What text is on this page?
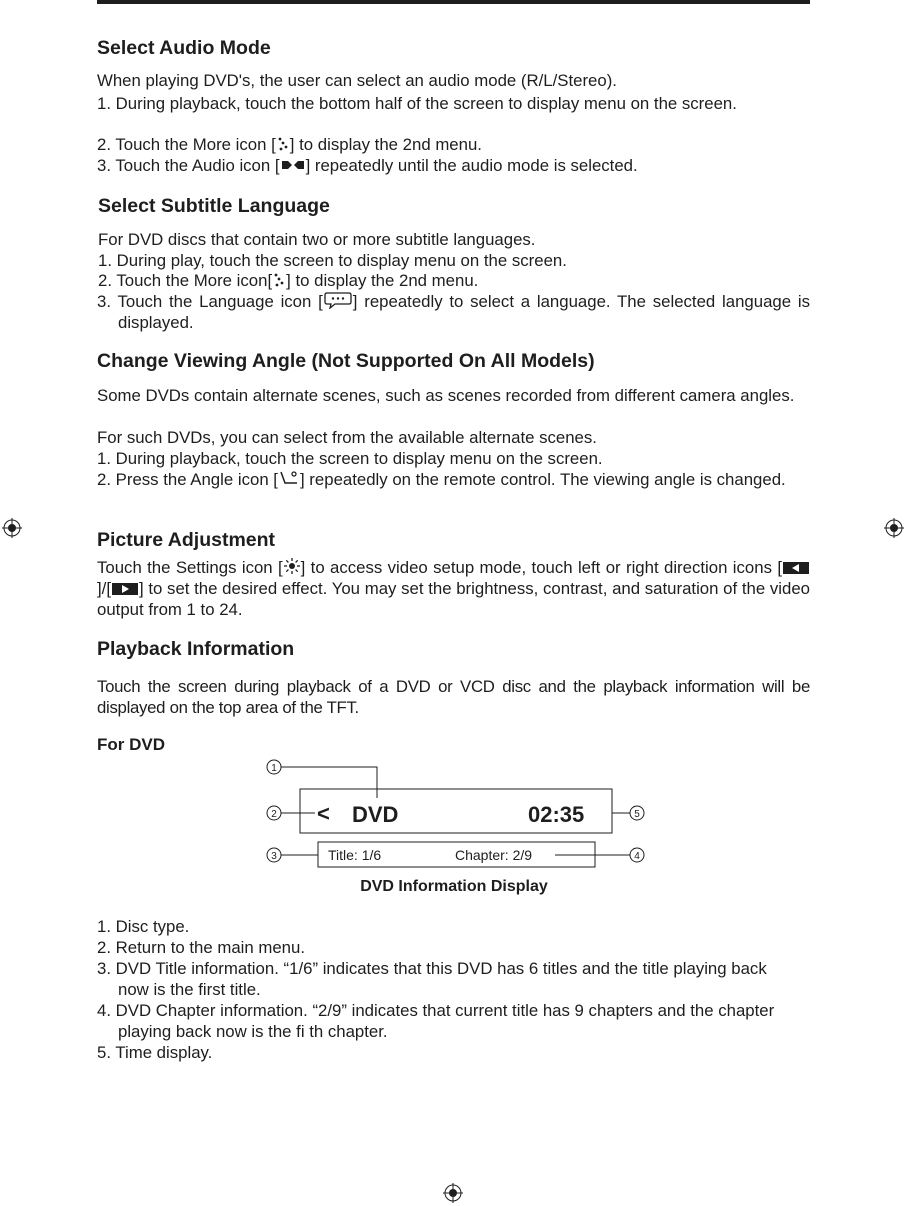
Select Audio Mode

When playing DVD's, the user can select an audio mode (R/L/Stereo).

1. During playback, touch the bottom half of the screen to display menu on the screen.

2. Touch the More icon [ ] to display the 2nd menu.

3. Touch the Audio icon [ ] repeatedly until the audio mode is selected.

Select Subtitle Language

For DVD discs that contain two or more subtitle languages.

1. During play, touch the screen to display menu on the screen.

2. Touch the More icon[ ] to display the 2nd menu.

3. Touch the Language icon [ ] repeatedly to select a language. The selected language is displayed.

Change Viewing Angle (Not Supported On All Models)

Some DVDs contain alternate scenes, such as scenes recorded from different camera angles.

For such DVDs, you can select from the available alternate scenes.

1. During playback, touch the screen to display menu on the screen.

2. Press the Angle icon [ ] repeatedly on the remote control. The viewing angle is changed.

Picture Adjustment

Touch the Settings icon [ ] to access video setup mode, touch left or right direction icons []/[ ] to set the desired effect. You may set the brightness, contrast, and saturation of the video output from 1 to 24.

Playback Information

Touch the screen during playback of a DVD or VCD disc and the playback information will be displayed on the top area of the TFT.

For DVD
1
2
3	4
5
< DVD	02:35
Title: 1/6	Chapter: 2/9
DVD Information Display

1. Disc type.

2. Return to the main menu.

3. DVD Title information. “1/6” indicates that this DVD has 6 titles and the title playing back now is the first title.

4. DVD Chapter information. “2/9” indicates that current title has 9 chapters and the chapter playing back now is the fi th chapter.

5. Time display.
